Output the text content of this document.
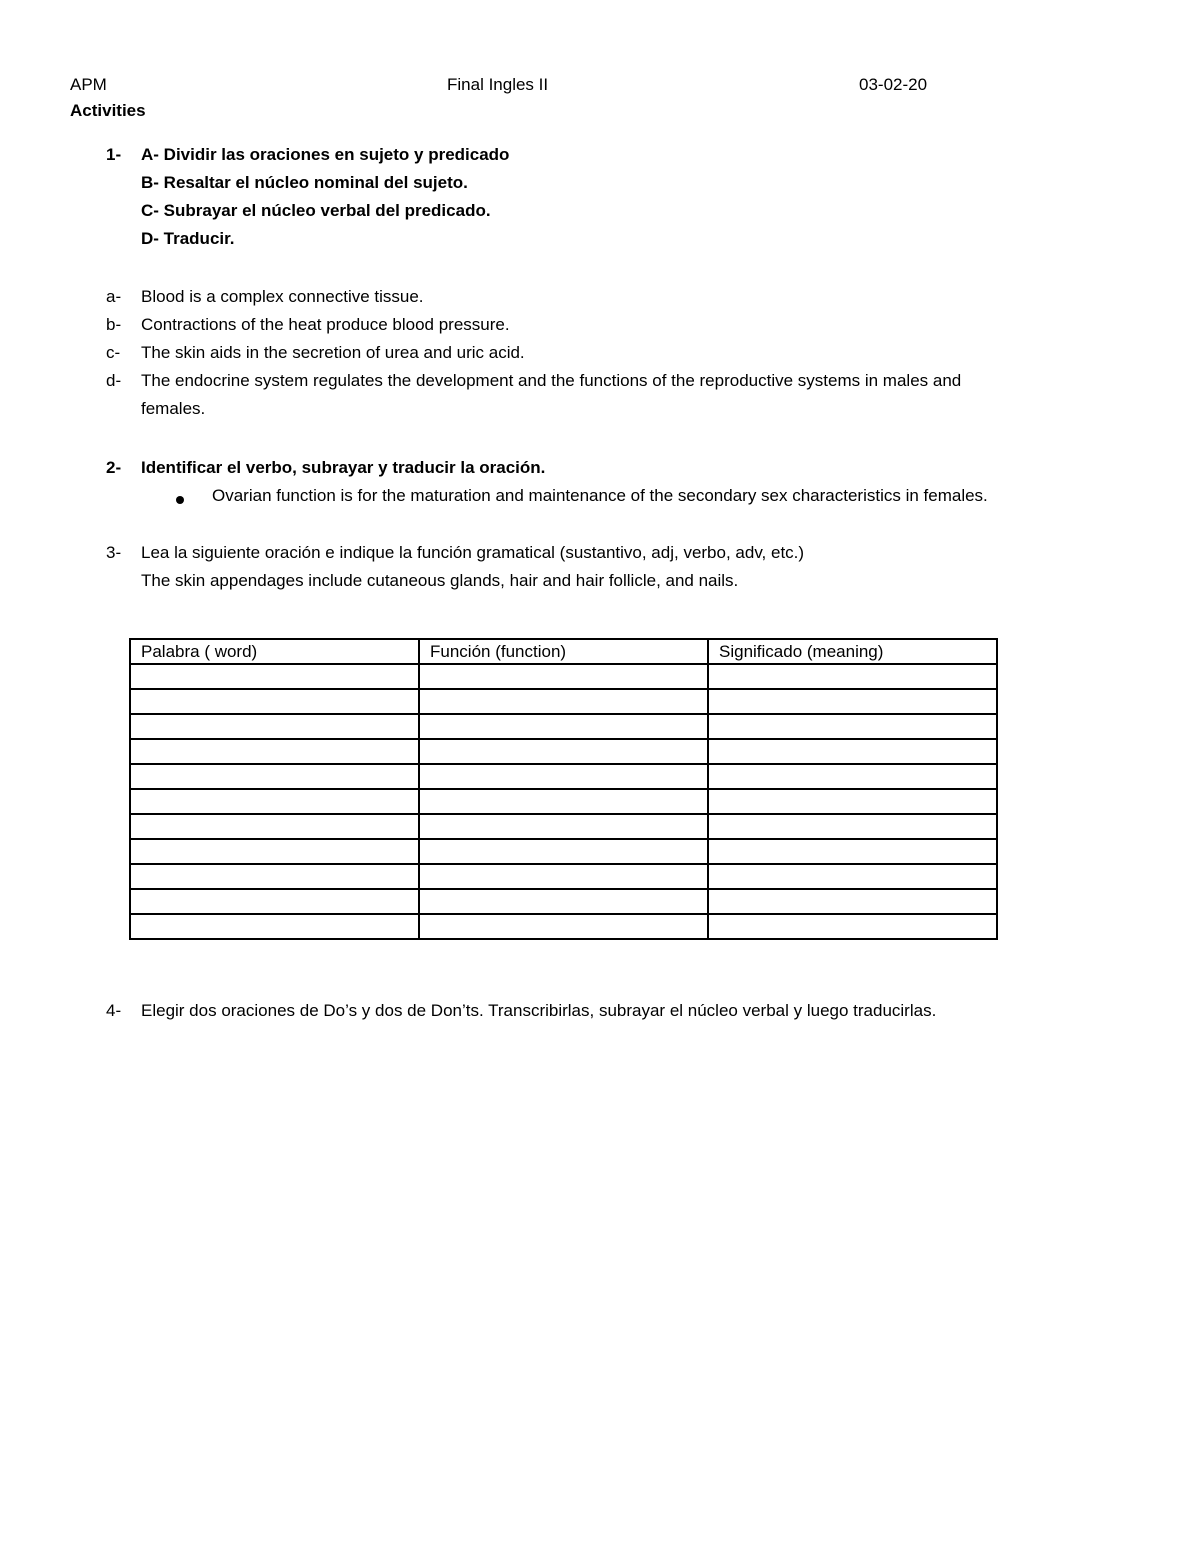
APM	Final Ingles II	03-02-20
Activities
1- A- Dividir las oraciones en sujeto y predicado
B- Resaltar el núcleo nominal del sujeto.
C- Subrayar el núcleo verbal del predicado.
D- Traducir.
a- Blood is a complex connective tissue.
b- Contractions of the heat produce blood pressure.
c- The skin aids in the secretion of urea and uric acid.
d- The endocrine system regulates the development and the functions of the reproductive systems in males and
females.
2- Identificar el verbo, subrayar y traducir la oración.
Ovarian function is for the maturation and maintenance of the secondary sex characteristics in females.
3- Lea la siguiente oración e indique la función gramatical (sustantivo, adj, verbo, adv, etc.)
The skin appendages include cutaneous glands, hair and hair follicle, and nails.
Palabra ( word)	Función (function)	Significado (meaning)

4- Elegir dos oraciones de Do’s y dos de Don’ts. Transcribirlas, subrayar el núcleo verbal y luego traducirlas.
